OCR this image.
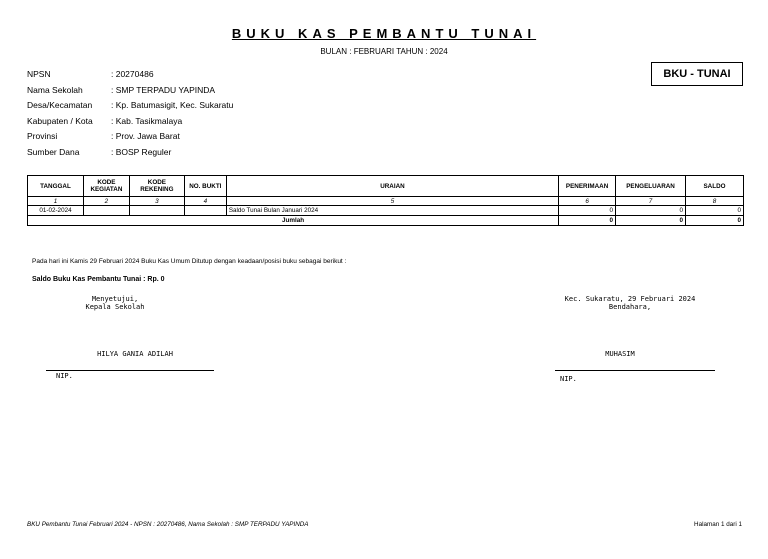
BUKU KAS PEMBANTU TUNAI
BULAN : FEBRUARI TAHUN : 2024
BKU - TUNAI
NPSN	: 20270486
Nama Sekolah	: SMP TERPADU YAPINDA
Desa/Kecamatan	: Kp. Batumasigit, Kec. Sukaratu
Kabupaten / Kota	: Kab. Tasikmalaya
Provinsi	: Prov. Jawa Barat
Sumber Dana	: BOSP Reguler
TANGGAL	KODE KEGIATAN	KODE REKENING	NO. BUKTI	URAIAN	PENERIMAAN	PENGELUARAN	SALDO
1	2	3	4	5	6	7	8
01-02-2024				Saldo Tunai Bulan Januari 2024	0	0	0
Jumlah					0	0	0
Pada hari ini Kamis 29 Februari 2024 Buku Kas Umum Ditutup dengan keadaan/posisi buku sebagai berikut :
Saldo Buku Kas Pembantu Tunai : Rp. 0
Menyetujui,
Kepala Sekolah
Kec. Sukaratu, 29 Februari 2024
Bendahara,
HILYA GANIA ADILAH	MUHASIM
NIP.	NIP.
BKU Pembantu Tunai Februari 2024 - NPSN : 20270486, Nama Sekolah : SMP TERPADU YAPINDA	Halaman 1 dari 1
